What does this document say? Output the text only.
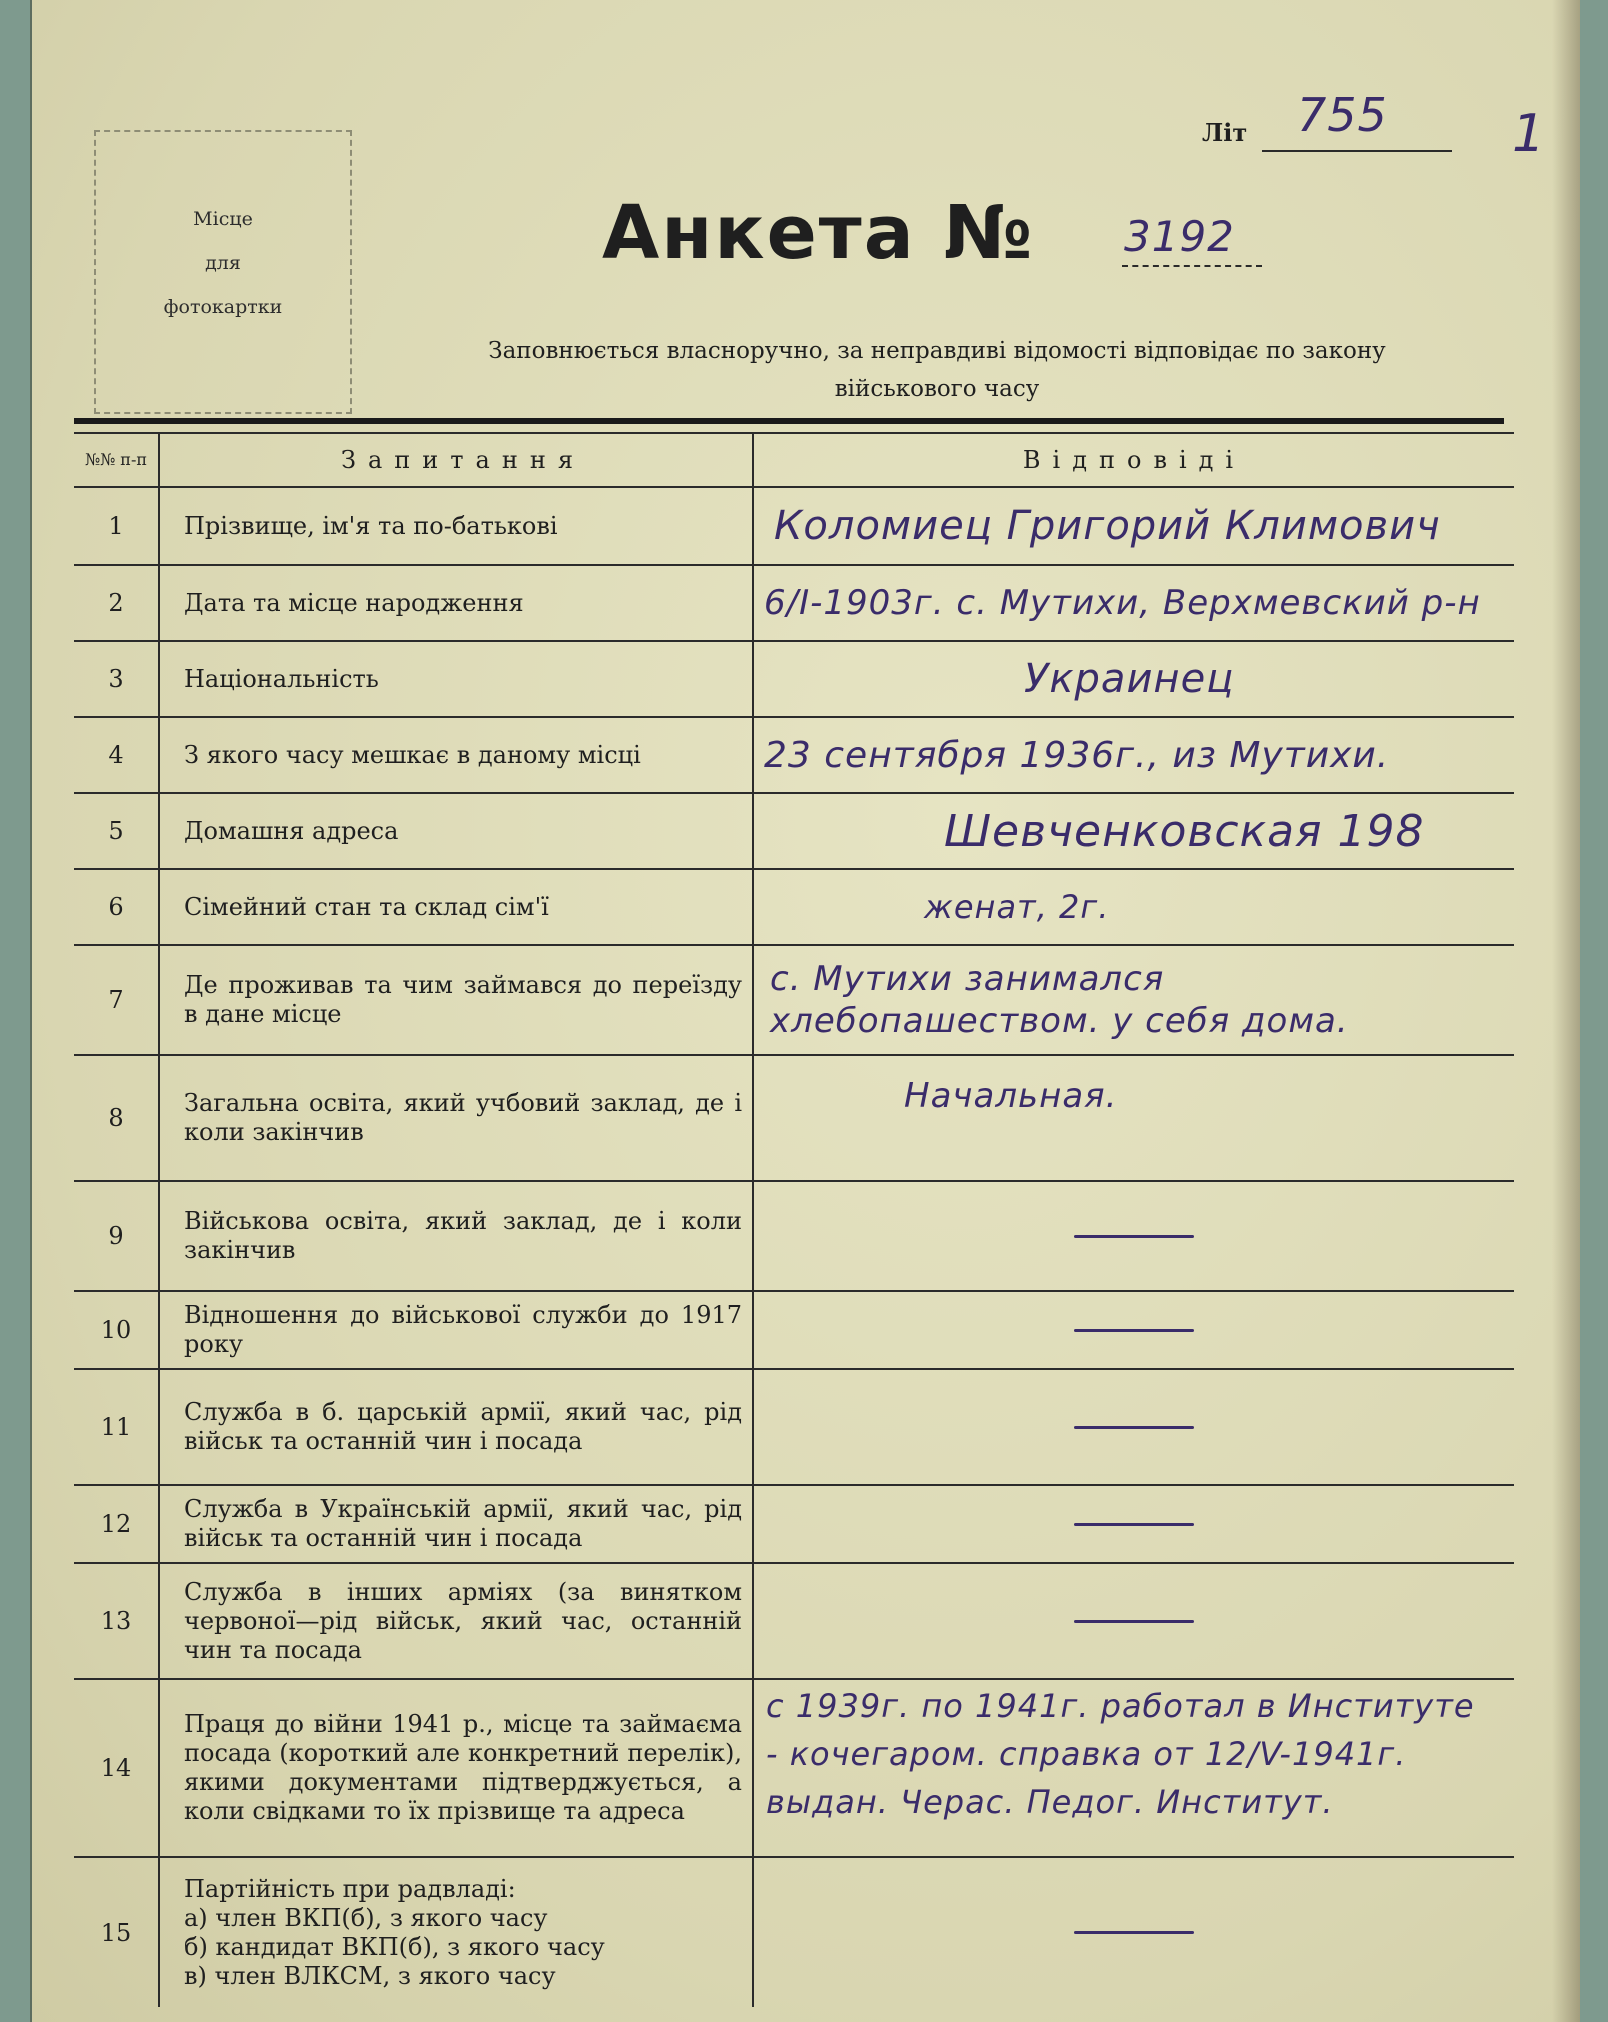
Місце
для
фотокартки
Літ 755 1
Анкета № 3192
Заповнюється власноручно, за неправдиві відомості відповідає по закону
військового часу
№№ п-п	Запитання	Відповіді
1	Прізвище, ім'я та по-батькові	Коломиец Григорий Климович
2	Дата та місце народження	6/I-1903г. с. Мутихи, Верхмевский р-н
3	Національність	Украинец
4	З якого часу мешкає в даному місці	23 сентября 1936г., из Мутихи.
5	Домашня адреса	Шевченковская 198
6	Сімейний стан та склад сім'ї	женат, 2г.
7	Де проживав та чим займався до переїзду в дане місце	с. Мутихи занимался хлебопашеством. у себя дома.

8	Загальна освіта, який учбовий заклад, де і коли закінчив	Начальная.
9	Військова освіта, який заклад, де і коли закінчив	

10	Відношення до військової служби до 1917 року	

11	Служба в б. царській армії, який час, рід військ та останній чин і посада	

12	Служба в Українській армії, який час, рід військ та останній чин і посада	

13	Служба в інших арміях (за винятком червоної—рід військ, який час, останній чин та посада	

14	Праця до війни 1941 р., місце та займаєма посада (короткий але конкретний перелік), якими документами підтверджується, а коли свідками то їх прізвище та адреса	с 1939г. по 1941г. работал в Институте - кочегаром. справка от 12/V-1941г. выдан. Черас. Педог. Институт.

15	Партійність при радвладі:
а) член ВКП(б), з якого часу
б) кандидат ВКП(б), з якого часу
в) член ВЛКСМ, з якого часу	
